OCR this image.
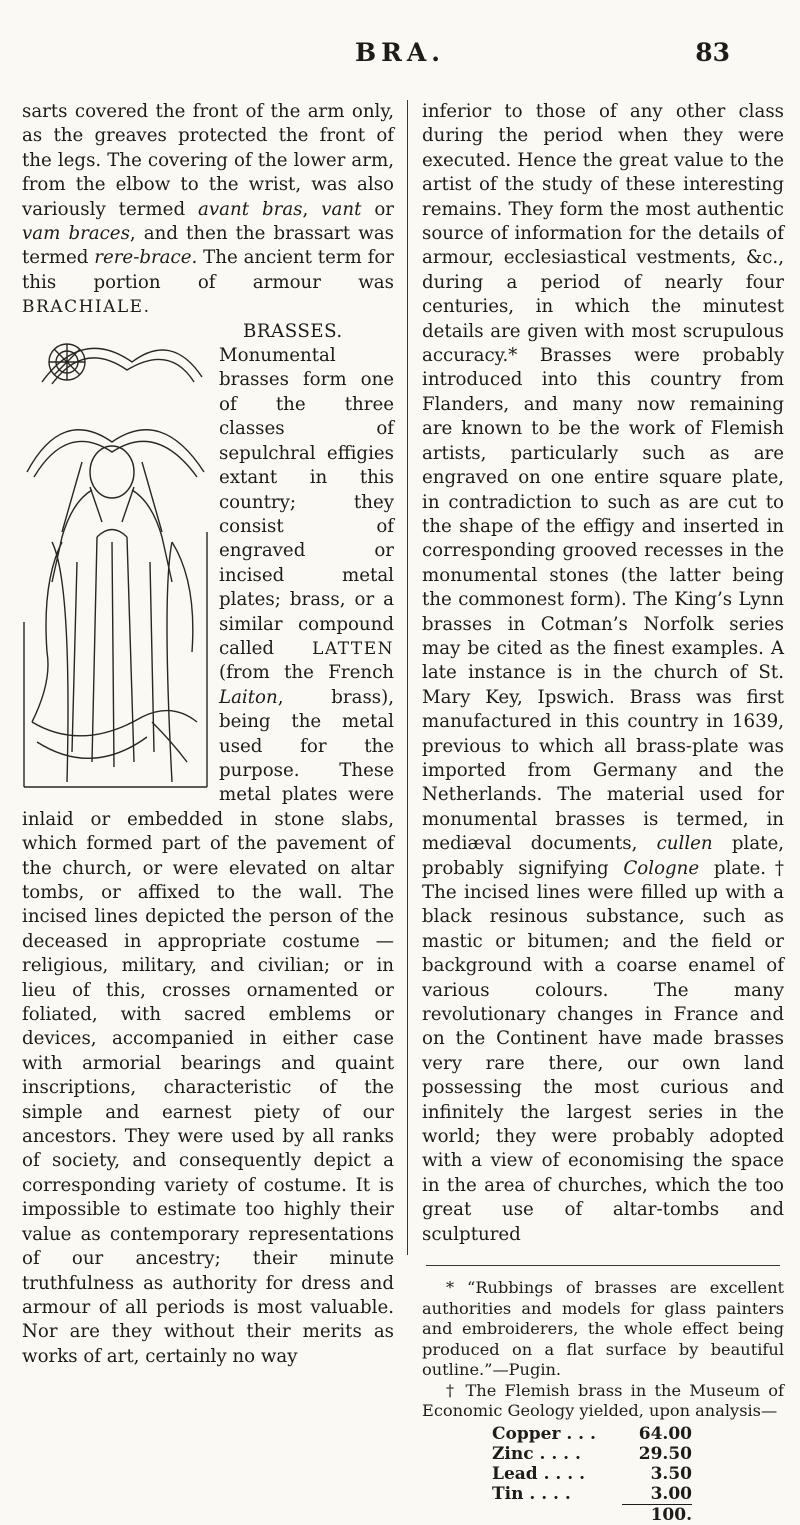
BRA.	83

sarts covered the front of the arm only, as the greaves protected the front of the legs. The covering of the lower arm, from the elbow to the wrist, was also variously termed avant bras, vant or vam braces, and then the brassart was termed rere-brace. The ancient term for this portion of armour was BRACHIALE.

BRASSES. Monumental brasses form one of the three classes of sepulchral effigies extant in this country; they consist of engraved or incised metal plates; brass, or a similar compound called LATTEN (from the French Laiton, brass), being the metal used for the purpose. These metal plates were inlaid or embedded in stone slabs, which formed part of the pavement of the church, or were elevated on altar tombs, or affixed to the wall. The incised lines depicted the person of the deceased in appropriate costume — religious, military, and civilian; or in lieu of this, crosses ornamented or foliated, with sacred emblems or devices, accompanied in either case with armorial bearings and quaint inscriptions, characteristic of the simple and earnest piety of our ancestors. They were used by all ranks of society, and consequently depict a corresponding variety of costume. It is impossible to estimate too highly their value as contemporary representations of our ancestry; their minute truthfulness as authority for dress and armour of all periods is most valuable. Nor are they without their merits as works of art, certainly no way

inferior to those of any other class during the period when they were executed. Hence the great value to the artist of the study of these interesting remains. They form the most authentic source of information for the details of armour, ecclesiastical vestments, &c., during a period of nearly four centuries, in which the minutest details are given with most scrupulous accuracy.* Brasses were probably introduced into this country from Flanders, and many now remaining are known to be the work of Flemish artists, particularly such as are engraved on one entire square plate, in contradiction to such as are cut to the shape of the effigy and inserted in corresponding grooved recesses in the monumental stones (the latter being the commonest form). The King’s Lynn brasses in Cotman’s Norfolk series may be cited as the finest examples. A late instance is in the church of St. Mary Key, Ipswich. Brass was first manufactured in this country in 1639, previous to which all brass-plate was imported from Germany and the Netherlands. The material used for monumental brasses is termed, in mediæval documents, cullen plate, probably signifying Cologne plate.† The incised lines were filled up with a black resinous substance, such as mastic or bitumen; and the field or background with a coarse enamel of various colours. The many revolutionary changes in France and on the Continent have made brasses very rare there, our own land possessing the most curious and infinitely the largest series in the world; they were probably adopted with a view of economising the space in the area of churches, which the too great use of altar-tombs and sculptured

* “Rubbings of brasses are excellent authorities and models for glass painters and embroiderers, the whole effect being produced on a flat surface by beautiful outline.”—Pugin.

† The Flemish brass in the Museum of Economic Geology yielded, upon analysis—

Copper . . .	64.00
Zinc . . . .	29.50
Lead . . . .	3.50
Tin . . . .	3.00
100.
